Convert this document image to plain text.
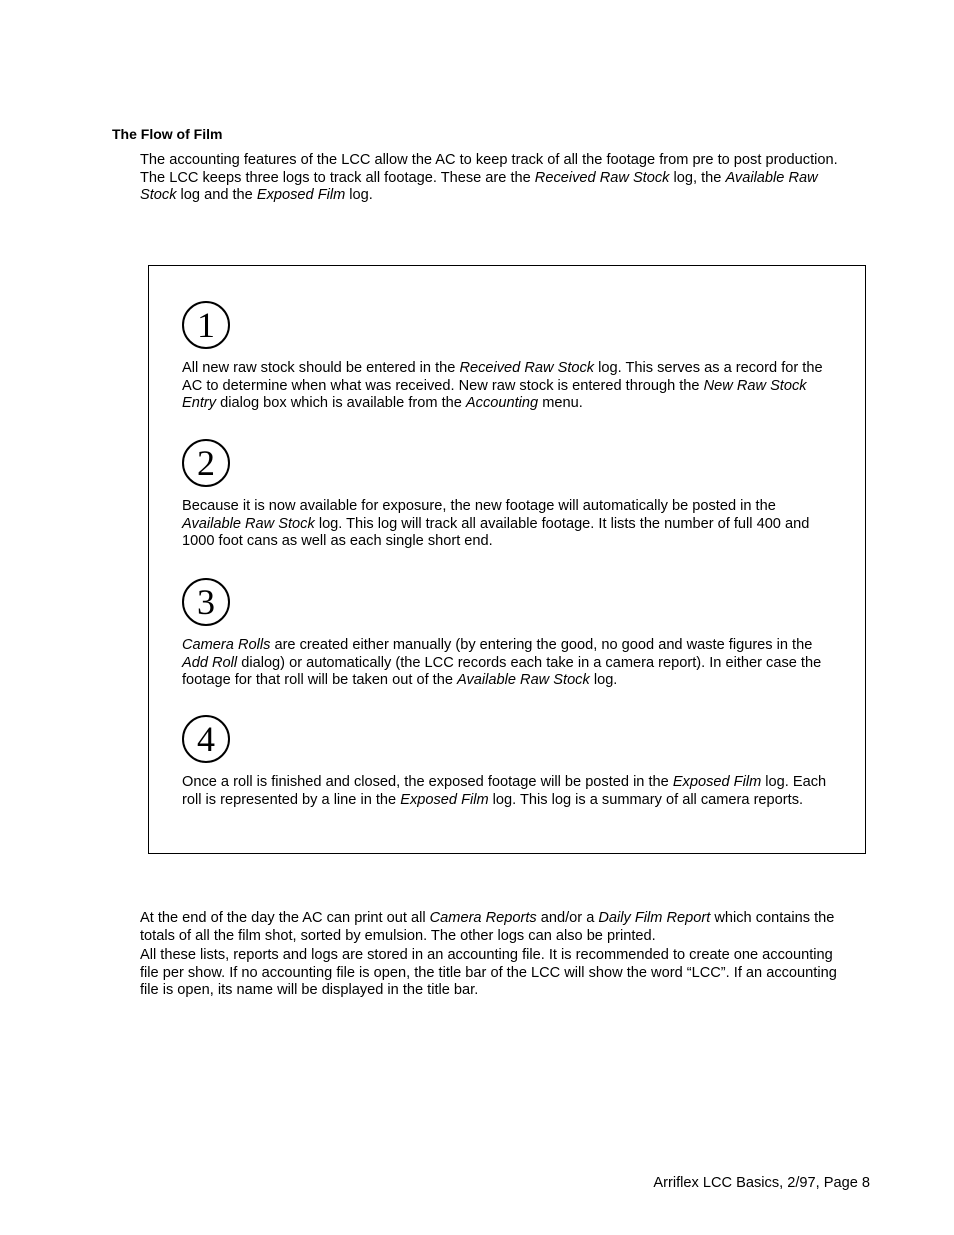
The Flow of Film
The accounting features of the LCC allow the AC to keep track of all the footage from pre to post production. The LCC keeps three logs to track all footage. These are the Received Raw Stock log, the Available Raw Stock log and the Exposed Film log.
1
All new raw stock should be entered in the Received Raw Stock log. This serves as a record for the AC to determine when what was received. New raw stock is entered through the New Raw Stock Entry dialog box which is available from the Accounting menu.
2
Because it is now available for exposure, the new footage will automatically be posted in the Available Raw Stock log. This log will track all available footage. It lists the number of full 400 and 1000 foot cans as well as each single short end.
3
Camera Rolls are created either manually (by entering the good, no good and waste figures in the Add Roll dialog) or automatically (the LCC records each take in a camera report). In either case the footage for that roll will be taken out of the Available Raw Stock log.
4
Once a roll is finished and closed, the exposed footage will be posted in the Exposed Film log. Each roll is represented by a line in the Exposed Film log. This log is a summary of all camera reports.
At the end of the day the AC can print out all Camera Reports and/or a Daily Film Report which contains the totals of all the film shot, sorted by emulsion. The other logs can also be printed.
All these lists, reports and logs are stored in an accounting file. It is recommended to create one accounting file per show. If no accounting file is open, the title bar of the LCC will show the word “LCC”. If an accounting file is open, its name will be displayed in the title bar.
Arriflex LCC Basics, 2/97, Page 8
